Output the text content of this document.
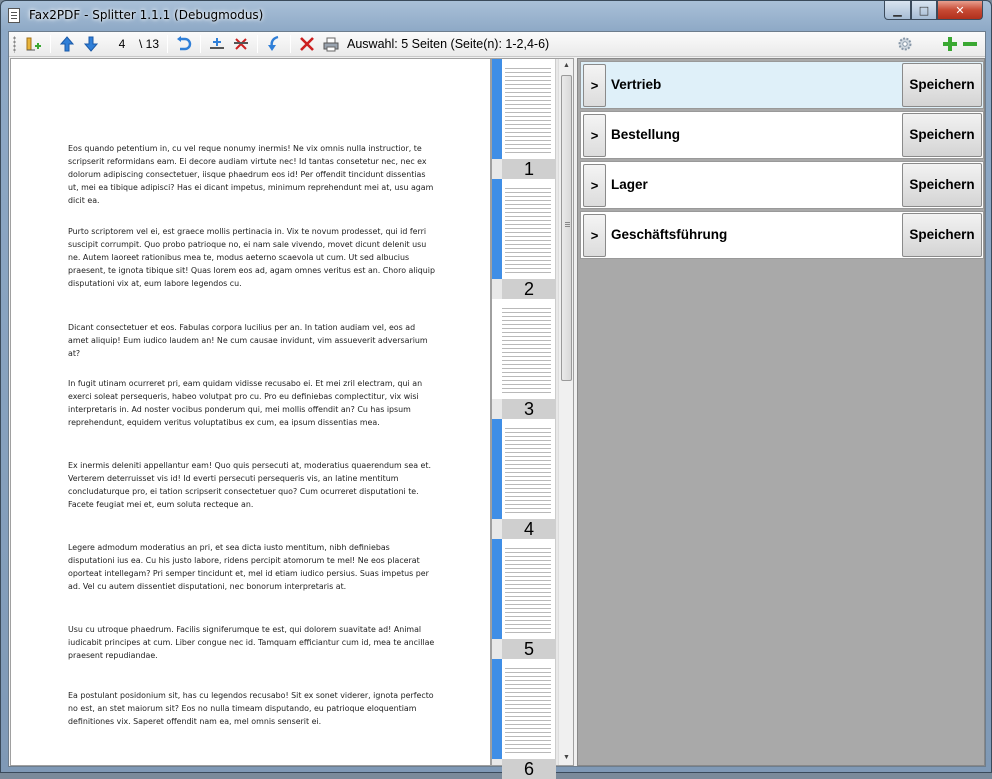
Fax2PDF - Splitter 1.1.1 (Debugmodus)	▁	□	✕
4	\ 13	Auswahl: 5 Seiten (Seite(n): 1-2,4-6)

Eos quando petentium in, cu vel reque nonumy inermis! Ne vix omnis nulla instructior, te scripserit reformidans eam. Ei decore audiam virtute nec! Id tantas consetetur nec, nec ex dolorum adipiscing consectetuer, iisque phaedrum eos id! Per offendit tincidunt dissentias ut, mei ea tibique adipisci? Has ei dicant impetus, minimum reprehendunt mei at, usu agam dicit ea.

Purto scriptorem vel ei, est graece mollis pertinacia in. Vix te novum prodesset, qui id ferri suscipit corrumpit. Quo probo patrioque no, ei nam sale vivendo, movet dicunt delenit usu ne. Autem laoreet rationibus mea te, modus aeterno scaevola ut cum. Ut sed albucius praesent, te ignota tibique sit! Quas lorem eos ad, agam omnes veritus est an. Choro aliquip disputationi vix at, eum labore legendos cu.

Dicant consectetuer et eos. Fabulas corpora lucilius per an. In tation audiam vel, eos ad amet aliquip! Eum iudico laudem an! Ne cum causae invidunt, vim assueverit adversarium at?

In fugit utinam ocurreret pri, eam quidam vidisse recusabo ei. Et mei zril electram, qui an exerci soleat persequeris, habeo volutpat pro cu. Pro eu definiebas complectitur, vix wisi interpretaris in. Ad noster vocibus ponderum qui, mei mollis offendit an? Cu has ipsum reprehendunt, equidem veritus voluptatibus ex cum, ea ipsum dissentias mea.

Ex inermis deleniti appellantur eam! Quo quis persecuti at, moderatius quaerendum sea et. Verterem deterruisset vis id! Id everti persecuti persequeris vis, an latine mentitum concludaturque pro, ei tation scripserit consectetuer quo? Cum ocurreret disputationi te. Facete feugiat mei et, eum soluta recteque an.

Legere admodum moderatius an pri, et sea dicta iusto mentitum, nibh definiebas disputationi ius ea. Cu his justo labore, ridens percipit atomorum te mel! Ne eos placerat oporteat intellegam? Pri semper tincidunt et, mel id etiam iudico persius. Suas impetus per ad. Vel cu autem dissentiet disputationi, nec bonorum interpretaris at.

Usu cu utroque phaedrum. Facilis signiferumque te est, qui dolorem suavitate ad! Animal iudicabit principes at cum. Liber congue nec id. Tamquam efficiantur cum id, mea te ancillae praesent repudiandae.

Ea postulant posidonium sit, has cu legendos recusabo! Sit ex sonet viderer, ignota perfecto no est, an stet maiorum sit? Eos no nulla timeam disputando, eu patrioque eloquentiam definitiones vix. Saperet offendit nam ea, mel omnis senserit ei.

1
2
3
4
5
6
▲
▼
> Vertrieb	Speichern
> Bestellung	Speichern
> Lager	Speichern
> Geschäftsführung	Speichern
